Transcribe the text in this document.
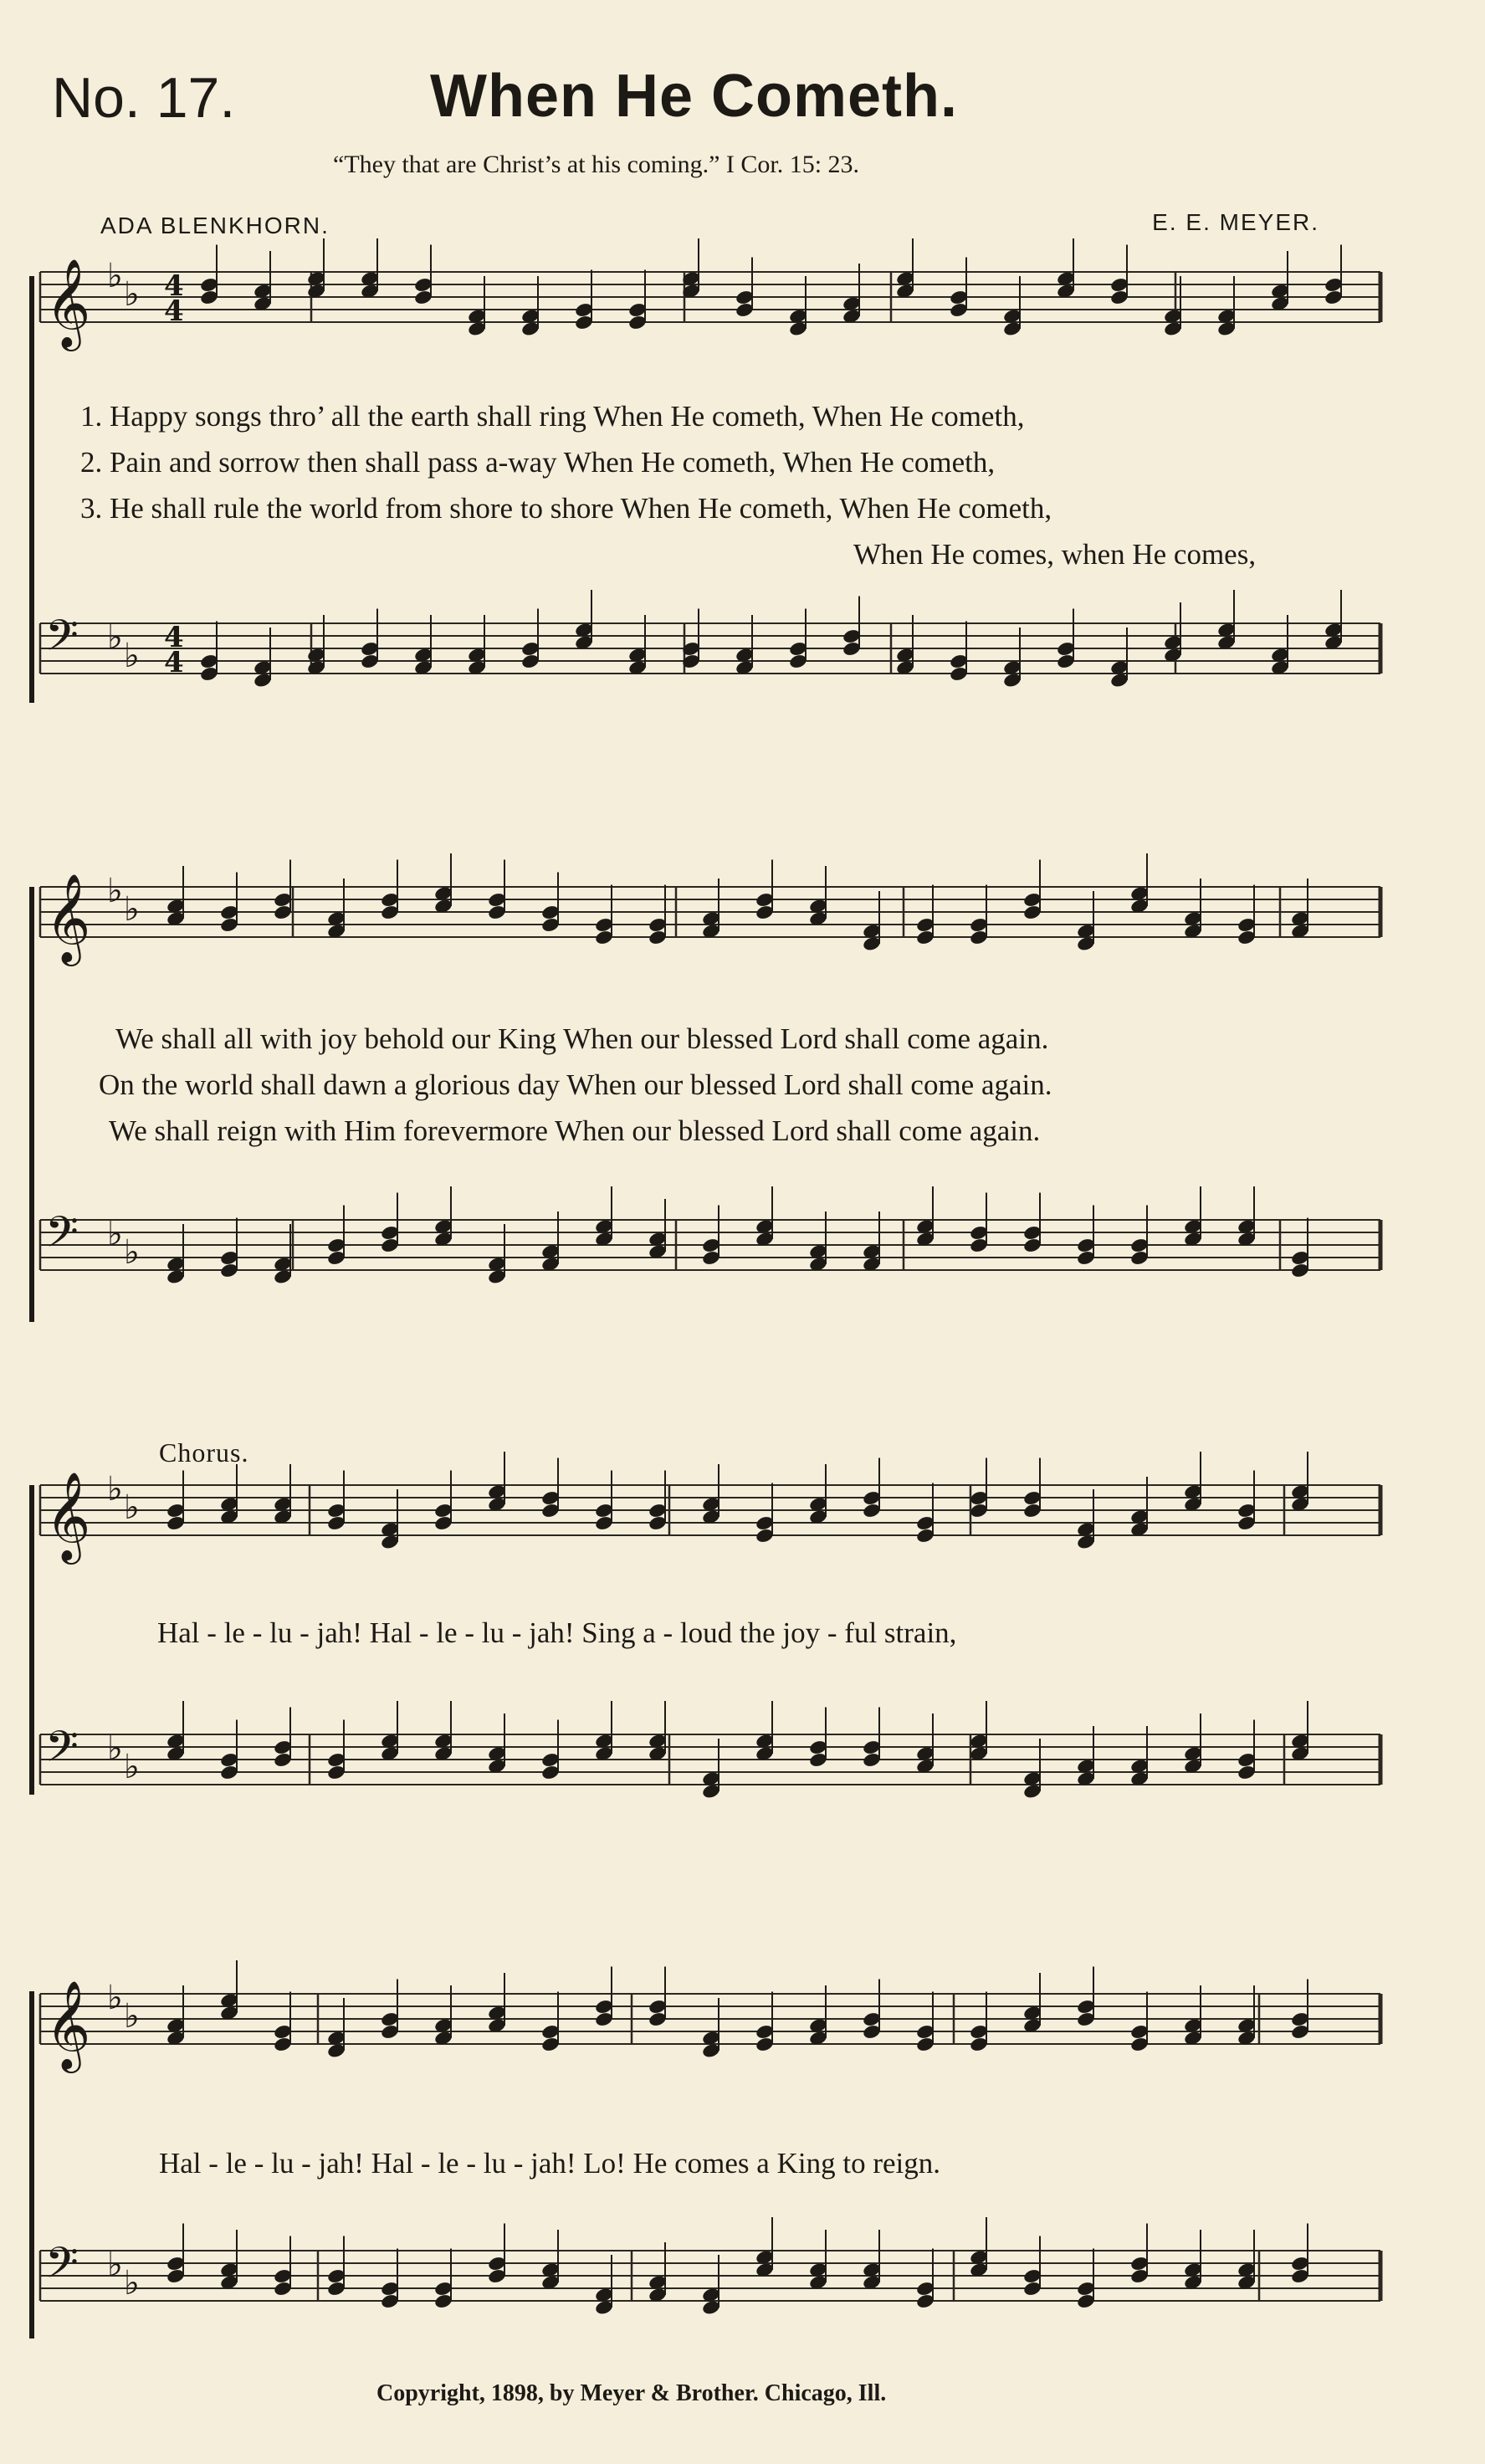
No. 17.	When He Cometh.
“They that are Christ’s at his coming.” I Cor. 15: 23.
ADA BLENKHORN.	E. E. MEYER.
1. Happy songs thro’ all the earth shall ring When He cometh, When He cometh,
2. Pain and sorrow then shall pass a-way When He cometh, When He cometh,
3. He shall rule the world from shore to shore When He cometh, When He cometh,
When He comes, when He comes,
We shall all with joy behold our King When our blessed Lord shall come again.
On the world shall dawn a glorious day When our blessed Lord shall come again.
We shall reign with Him forevermore When our blessed Lord shall come again.
Chorus.
Hal - le - lu - jah! Hal - le - lu - jah! Sing a - loud the joy - ful strain,
Hal - le - lu - jah! Hal - le - lu - jah! Lo! He comes a King to reign.
Copyright, 1898, by Meyer & Brother. Chicago, Ill.
𝄞 ♭ ♭ 4
4
𝄢 ♭ ♭ 4
4
𝄞 ♭ ♭
𝄢 ♭ ♭
𝄞 ♭ ♭
𝄢 ♭ ♭
𝄞 ♭ ♭
𝄢 ♭ ♭
